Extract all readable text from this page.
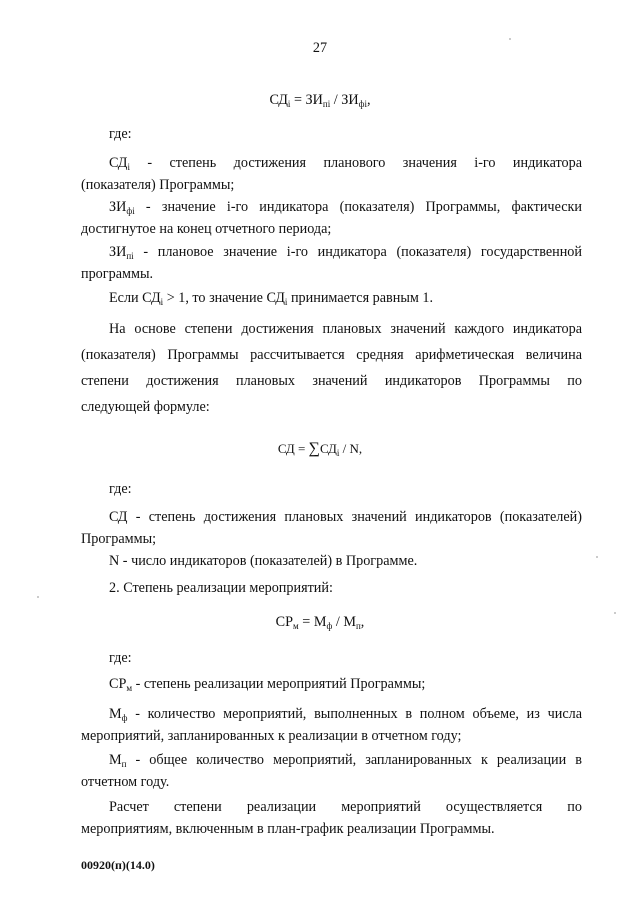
27
$СД_i = ЗИ_{пi} / ЗИ_{фi}$,
где:
$СД_i$ - степень достижения планового значения i-го индикатора
(показателя) Программы;
$ЗИ_{фi}$ - значение i-го индикатора (показателя) Программы, фактически
достигнутое на конец отчетного периода;
$ЗИ_{пi}$ - плановое значение i-го индикатора (показателя) государственной
программы.
Если $СД_i > 1$, то значение $СД_i$ принимается равным 1.
На основе степени достижения плановых значений каждого индикатора
(показателя) Программы рассчитывается средняя арифметическая величина
степени достижения плановых значений индикаторов Программы по
следующей формуле:
СД = $\sum СД_i$ / N,
где:
СД - степень достижения плановых значений индикаторов (показателей)
Программы;
N - число индикаторов (показателей) в Программе.
2. Степень реализации мероприятий:
$СР_м = М_ф / М_п$,
где:
$СР_м$ - степень реализации мероприятий Программы;
$М_ф$ - количество мероприятий, выполненных в полном объеме, из числа
мероприятий, запланированных к реализации в отчетном году;
$М_п$ - общее количество мероприятий, запланированных к реализации в
отчетном году.
Расчет степени реализации мероприятий осуществляется по
мероприятиям, включенным в план-график реализации Программы.
00920(п)(14.0)
